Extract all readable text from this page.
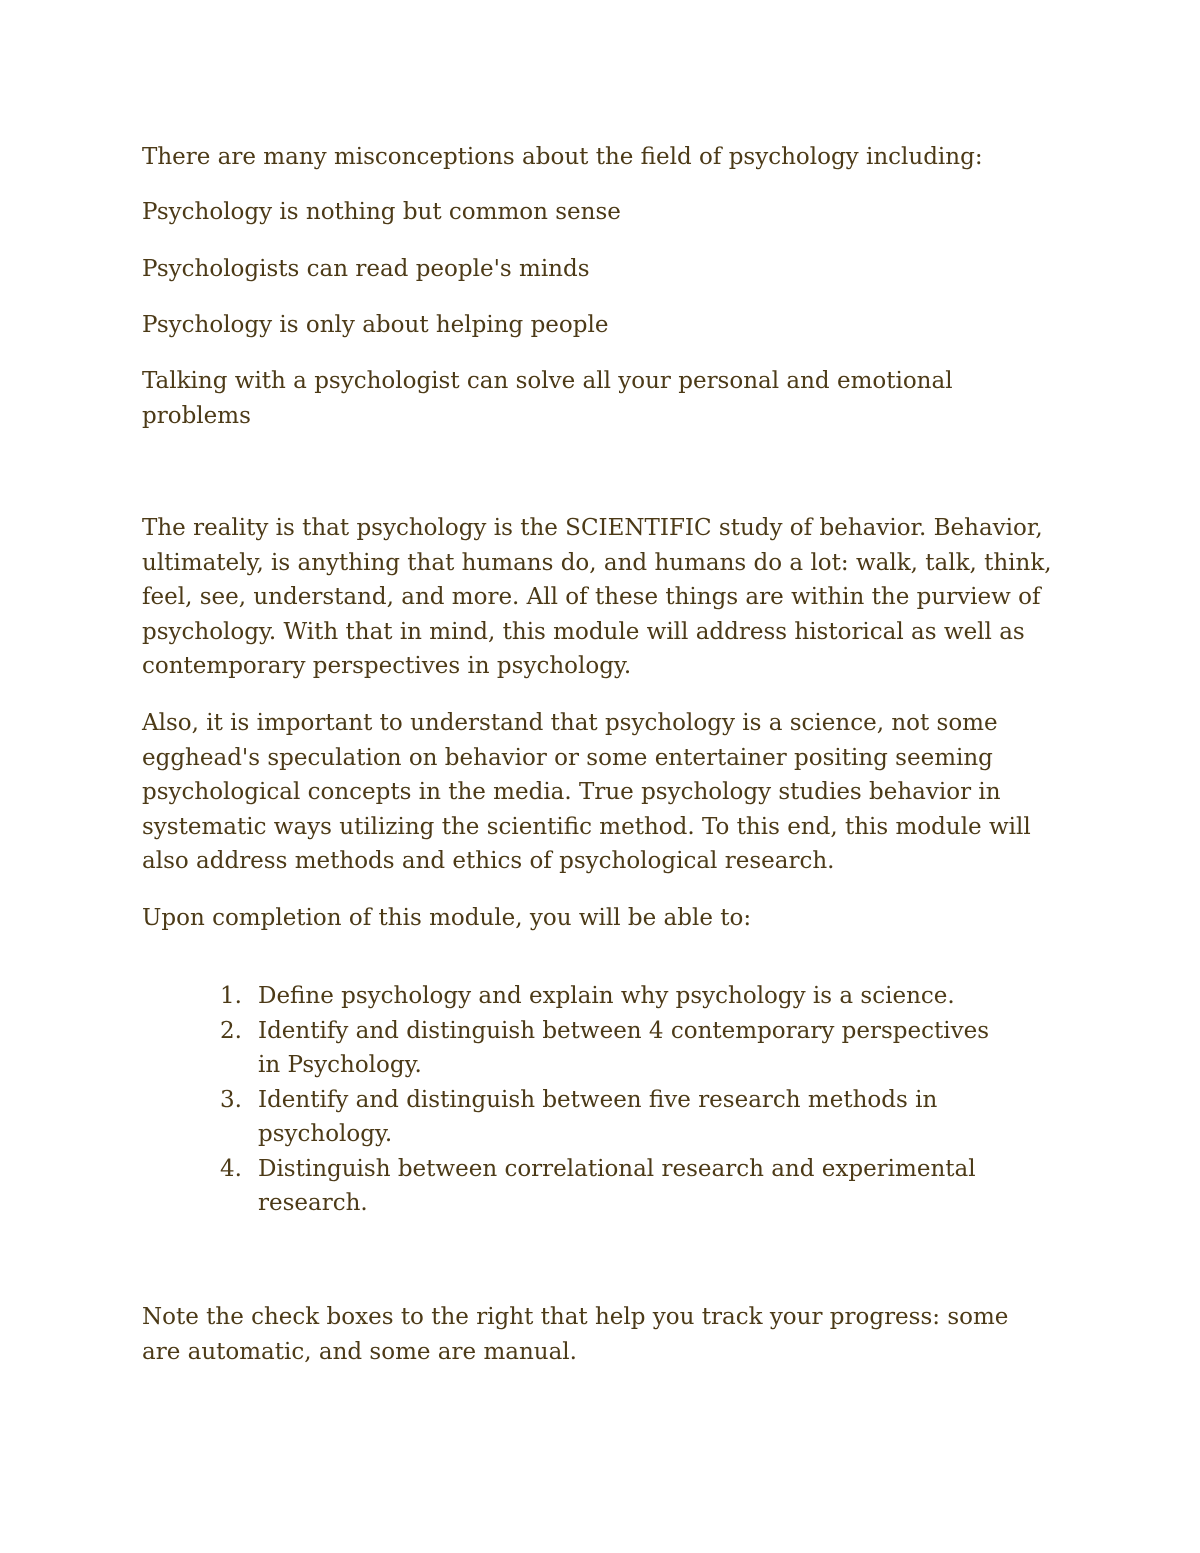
There are many misconceptions about the field of psychology including:

Psychology is nothing but common sense

Psychologists can read people's minds

Psychology is only about helping people

Talking with a psychologist can solve all your personal and emotional problems

The reality is that psychology is the SCIENTIFIC study of behavior. Behavior, ultimately, is anything that humans do, and humans do a lot: walk, talk, think, feel, see, understand, and more. All of these things are within the purview of psychology. With that in mind, this module will address historical as well as contemporary perspectives in psychology.

Also, it is important to understand that psychology is a science, not some egghead's speculation on behavior or some entertainer positing seeming psychological concepts in the media. True psychology studies behavior in systematic ways utilizing the scientific method. To this end, this module will also address methods and ethics of psychological research.

Upon completion of this module, you will be able to:

1. Define psychology and explain why psychology is a science.
2. Identify and distinguish between 4 contemporary perspectives in Psychology.
3. Identify and distinguish between five research methods in psychology.
4. Distinguish between correlational research and experimental research.

Note the check boxes to the right that help you track your progress: some are automatic, and some are manual.
